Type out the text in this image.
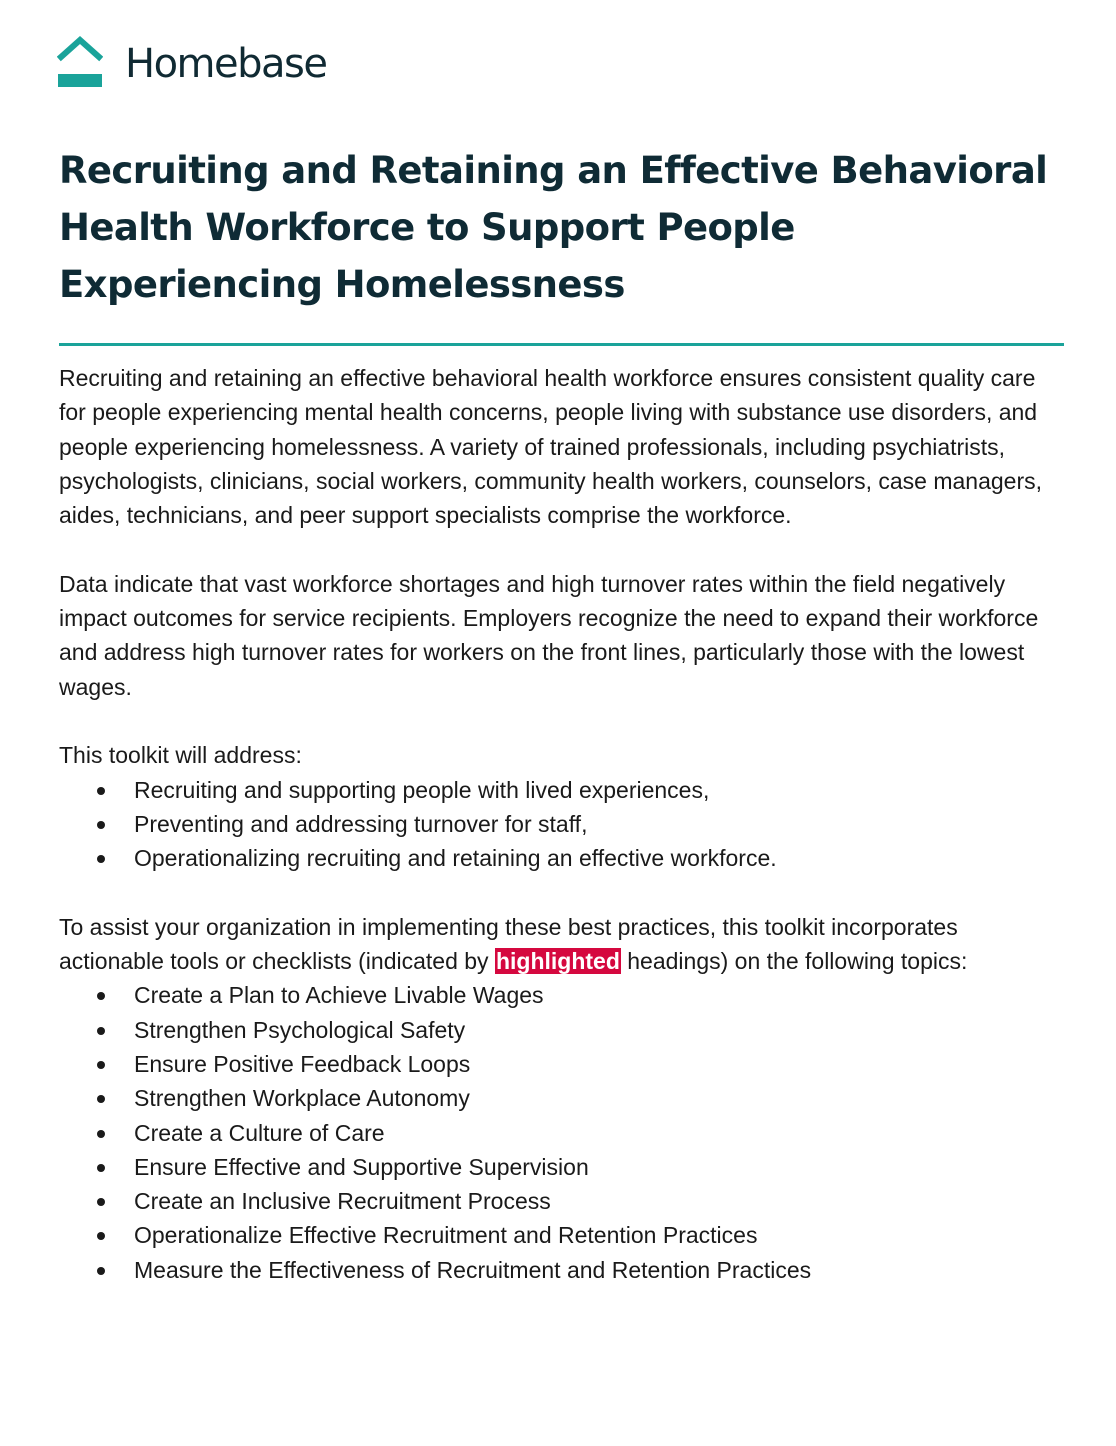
Homebase
Recruiting and Retaining an Effective Behavioral Health Workforce to Support People Experiencing Homelessness

Recruiting and retaining an effective behavioral health workforce ensures consistent quality care for people experiencing mental health concerns, people living with substance use disorders, and people experiencing homelessness. A variety of trained professionals, including psychiatrists, psychologists, clinicians, social workers, community health workers, counselors, case managers, aides, technicians, and peer support specialists comprise the workforce.

Data indicate that vast workforce shortages and high turnover rates within the field negatively impact outcomes for service recipients. Employers recognize the need to expand their workforce and address high turnover rates for workers on the front lines, particularly those with the lowest wages.

This toolkit will address:

Recruiting and supporting people with lived experiences,
Preventing and addressing turnover for staff,
Operationalizing recruiting and retaining an effective workforce.

To assist your organization in implementing these best practices, this toolkit incorporates actionable tools or checklists (indicated by highlighted headings) on the following topics:

Create a Plan to Achieve Livable Wages
Strengthen Psychological Safety
Ensure Positive Feedback Loops
Strengthen Workplace Autonomy
Create a Culture of Care
Ensure Effective and Supportive Supervision
Create an Inclusive Recruitment Process
Operationalize Effective Recruitment and Retention Practices
Measure the Effectiveness of Recruitment and Retention Practices
